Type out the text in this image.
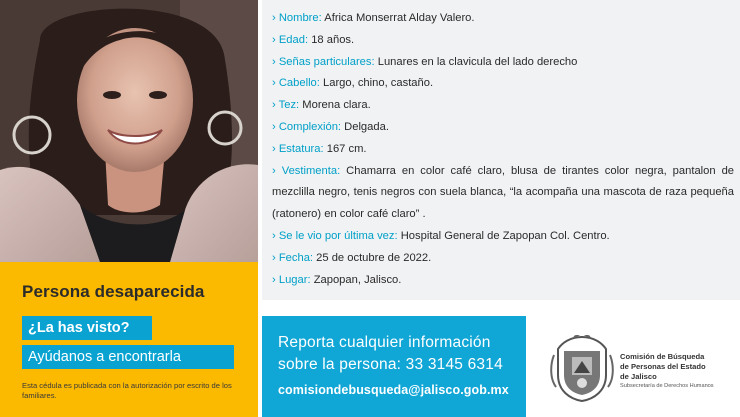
› Nombre: Africa Monserrat Alday Valero.
› Edad: 18 años.
› Señas particulares: Lunares en la clavicula del lado derecho
› Cabello: Largo, chino, castaño.
› Tez: Morena clara.
› Complexión: Delgada.
› Estatura: 167 cm.
› Vestimenta: Chamarra en color café claro, blusa de tirantes color negra, pantalon de mezclilla negro, tenis negros con suela blanca, “la acompaña una mascota de raza pequeña (ratonero) en color café claro” .
› Se le vio por última vez: Hospital General de Zapopan Col. Centro.
› Fecha: 25 de octubre de 2022.
› Lugar: Zapopan, Jalisco.
Persona desaparecida
¿La has visto?
Ayúdanos a encontrarla
Esta cédula es publicada con la autorización por escrito de los familiares.
Reporta cualquier información
sobre la persona: 33 3145 6314
comisiondebusqueda@jalisco.gob.mx
Comisión de Búsqueda
de Personas del Estado
de Jalisco
Subsecretaría de Derechos Humanos
